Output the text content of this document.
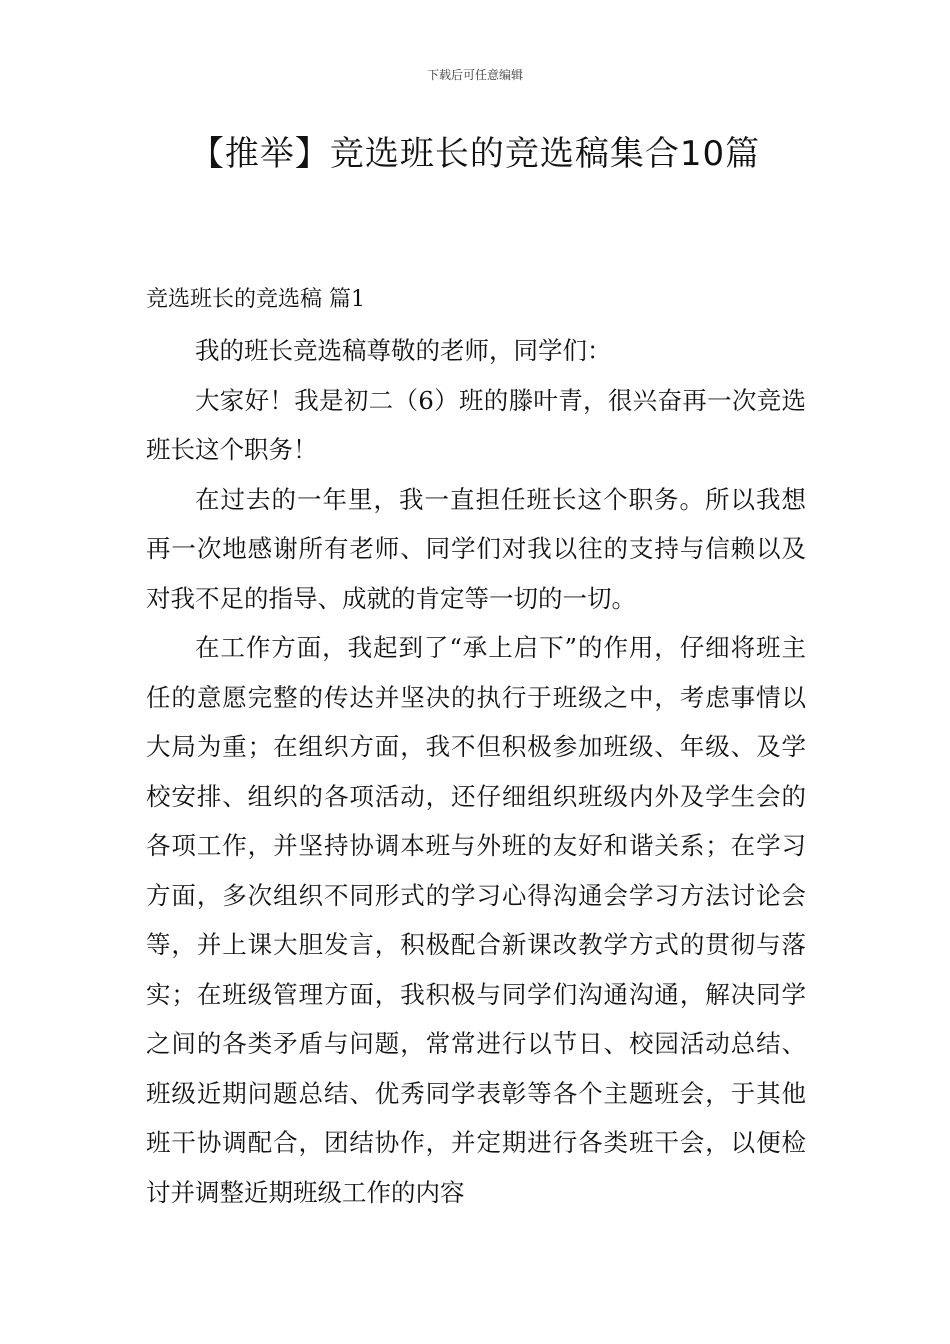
下载后可任意编辑
【推举】竞选班长的竞选稿集合10篇
竞选班长的竞选稿 篇1

我的班长竞选稿尊敬的老师，同学们：

大家好！我是初二（6）班的滕叶青，很兴奋再一次竞选班长这个职务！

在过去的一年里，我一直担任班长这个职务。所以我想再一次地感谢所有老师、同学们对我以往的支持与信赖以及对我不足的指导、成就的肯定等一切的一切。

在工作方面，我起到了“承上启下”的作用，仔细将班主任的意愿完整的传达并坚决的执行于班级之中，考虑事情以大局为重；在组织方面，我不但积极参加班级、年级、及学校安排、组织的各项活动，还仔细组织班级内外及学生会的各项工作，并坚持协调本班与外班的友好和谐关系；在学习方面，多次组织不同形式的学习心得沟通会学习方法讨论会等，并上课大胆发言，积极配合新课改教学方式的贯彻与落实；在班级管理方面，我积极与同学们沟通沟通，解决同学之间的各类矛盾与问题，常常进行以节日、校园活动总结、班级近期问题总结、优秀同学表彰等各个主题班会，于其他班干协调配合，团结协作，并定期进行各类班干会，以便检讨并调整近期班级工作的内容
